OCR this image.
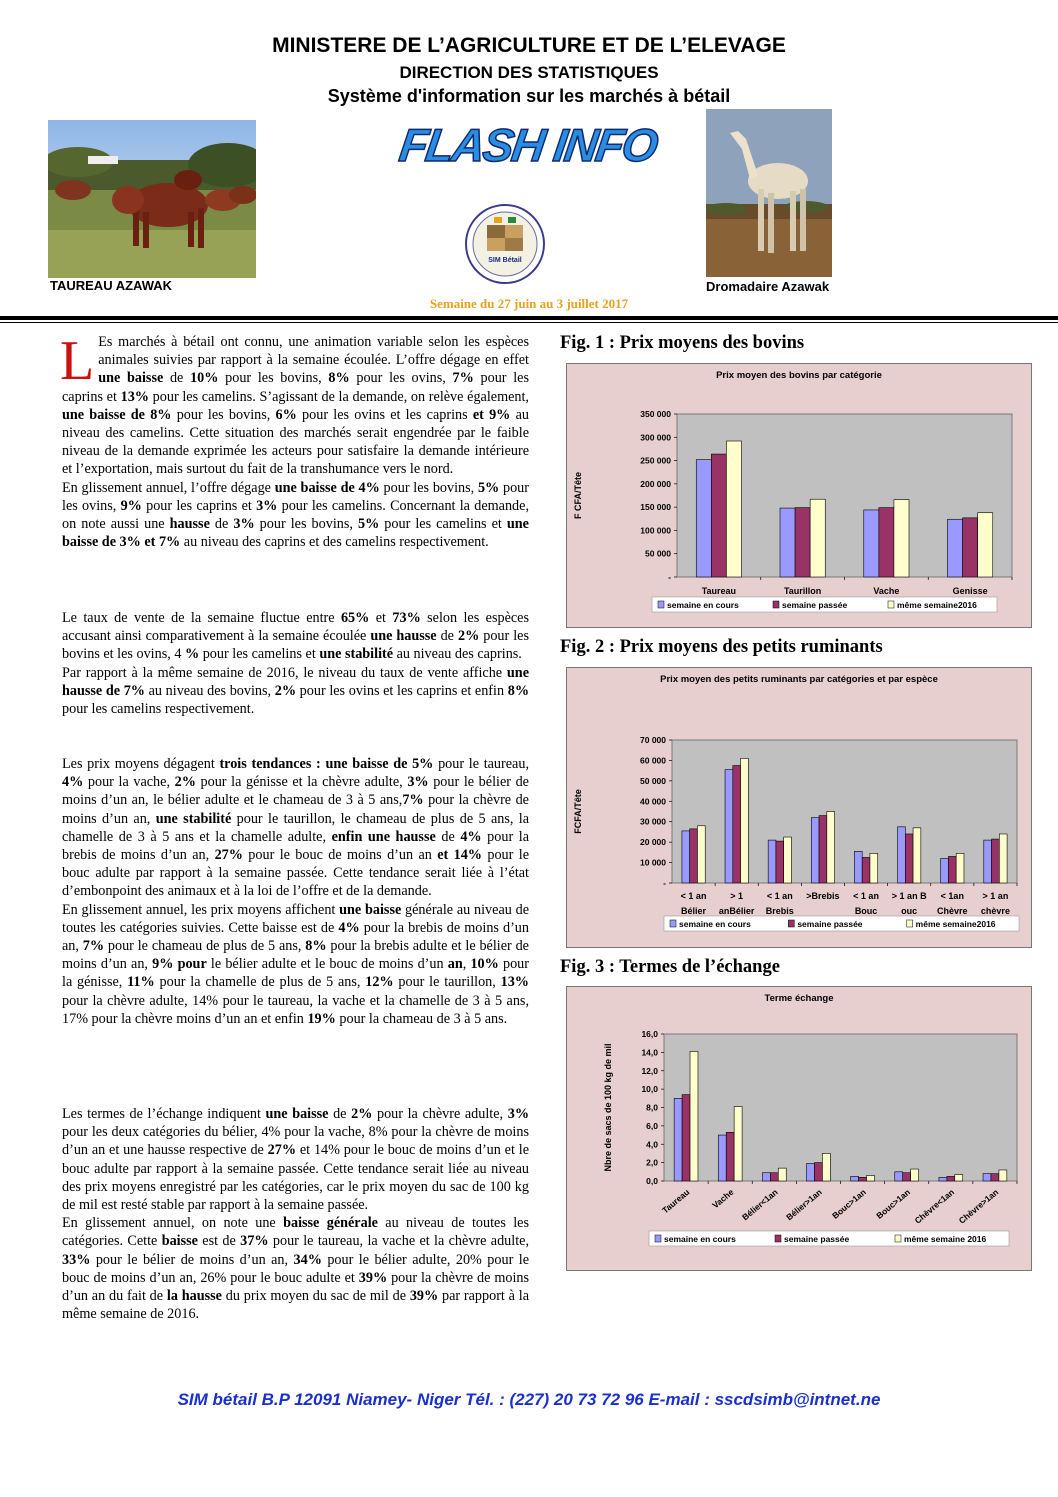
MINISTERE DE L’AGRICULTURE ET DE L’ELEVAGE
DIRECTION DES STATISTIQUES
Système d'information sur les marchés à bétail
TAUREAU AZAWAK
FLASH INFO
SIM Bétail
Dromadaire Azawak
Semaine du 27 juin au 3 juillet 2017

L Es marchés à bétail ont connu, une animation variable selon les espèces animales suivies par rapport à la semaine écoulée. L’offre dégage en effet une baisse de 10% pour les bovins, 8% pour les ovins, 7% pour les caprins et 13% pour les camelins. S’agissant de la demande, on relève également, une baisse de 8% pour les bovins, 6% pour les ovins et les caprins et 9% au niveau des camelins. Cette situation des marchés serait engendrée par le faible niveau de la demande exprimée les acteurs pour satisfaire la demande intérieure et l’exportation, mais surtout du fait de la transhumance vers le nord.

En glissement annuel, l’offre dégage une baisse de 4% pour les bovins, 5% pour les ovins, 9% pour les caprins et 3% pour les camelins. Concernant la demande, on note aussi une hausse de 3% pour les bovins, 5% pour les camelins et une baisse de 3% et 7% au niveau des caprins et des camelins respectivement.

Le taux de vente de la semaine fluctue entre 65% et 73% selon les espèces accusant ainsi comparativement à la semaine écoulée une hausse de 2% pour les bovins et les ovins, 4 % pour les camelins et une stabilité au niveau des caprins.

Par rapport à la même semaine de 2016, le niveau du taux de vente affiche une hausse de 7% au niveau des bovins, 2% pour les ovins et les caprins et enfin 8% pour les camelins respectivement.

Les prix moyens dégagent trois tendances : une baisse de 5% pour le taureau, 4% pour la vache, 2% pour la génisse et la chèvre adulte, 3% pour le bélier de moins d’un an, le bélier adulte et le chameau de 3 à 5 ans,7% pour la chèvre de moins d’un an, une stabilité pour le taurillon, le chameau de plus de 5 ans, la chamelle de 3 à 5 ans et la chamelle adulte, enfin une hausse de 4% pour la brebis de moins d’un an, 27% pour le bouc de moins d’un an et 14% pour le bouc adulte par rapport à la semaine passée. Cette tendance serait liée à l’état d’embonpoint des animaux et à la loi de l’offre et de la demande.

En glissement annuel, les prix moyens affichent une baisse générale au niveau de toutes les catégories suivies. Cette baisse est de 4% pour la brebis de moins d’un an, 7% pour le chameau de plus de 5 ans, 8% pour la brebis adulte et le bélier de moins d’un an, 9% pour le bélier adulte et le bouc de moins d’un an, 10% pour la génisse, 11% pour la chamelle de plus de 5 ans, 12% pour le taurillon, 13% pour la chèvre adulte, 14% pour le taureau, la vache et la chamelle de 3 à 5 ans, 17% pour la chèvre moins d’un an et enfin 19% pour la chameau de 3 à 5 ans.

Les termes de l’échange indiquent une baisse de 2% pour la chèvre adulte, 3% pour les deux catégories du bélier, 4% pour la vache, 8% pour la chèvre de moins d’un an et une hausse respective de 27% et 14% pour le bouc de moins d’un et le bouc adulte par rapport à la semaine passée. Cette tendance serait liée au niveau des prix moyens enregistré par les catégories, car le prix moyen du sac de 100 kg de mil est resté stable par rapport à la semaine passée.

En glissement annuel, on note une baisse générale au niveau de toutes les catégories. Cette baisse est de 37% pour le taureau, la vache et la chèvre adulte, 33% pour le bélier de moins d’un an, 34% pour le bélier adulte, 20% pour le bouc de moins d’un an, 26% pour le bouc adulte et 39% pour la chèvre de moins d’un an du fait de la hausse du prix moyen du sac de mil de 39% par rapport à la même semaine de 2016.

Fig. 1 : Prix moyens des bovins
Prix moyen des bovins par catégorie
F CFA/Tête
-
50 000
100 000
150 000
200 000
250 000
300 000
350 000
Taureau	Taurillon	Vache	Genisse
semaine en cours	semaine passée	même semaine2016
Fig. 2 : Prix moyens des petits ruminants
Prix moyen des petits ruminants par catégories et par espèce
FCFA/Tête
-
10 000
20 000
30 000
40 000
50 000
60 000
70 000
< 1 an
Bélier
> 1
anBélier
< 1 an
Brebis
>Brebis < 1 an
Bouc
> 1 an B
ouc
< 1an
Chèvre
> 1 an
chèvre
semaine en cours	semaine passée	même semaine2016
Fig. 3 : Termes de l’échange
Terme échange
Nbre de sacs de 100 kg de mil
0,0
2,0
4,0
6,0
8,0
10,0
12,0
14,0
16,0
Taureau Vache Bélier<1an Bélier>1an Bouc>1an Bouc>1an Chèvre<1an Chèvre>1an
semaine en cours	semaine passée	même semaine 2016
SIM bétail B.P 12091 Niamey- Niger Tél. : (227) 20 73 72 96 E-mail : sscdsimb@intnet.ne
